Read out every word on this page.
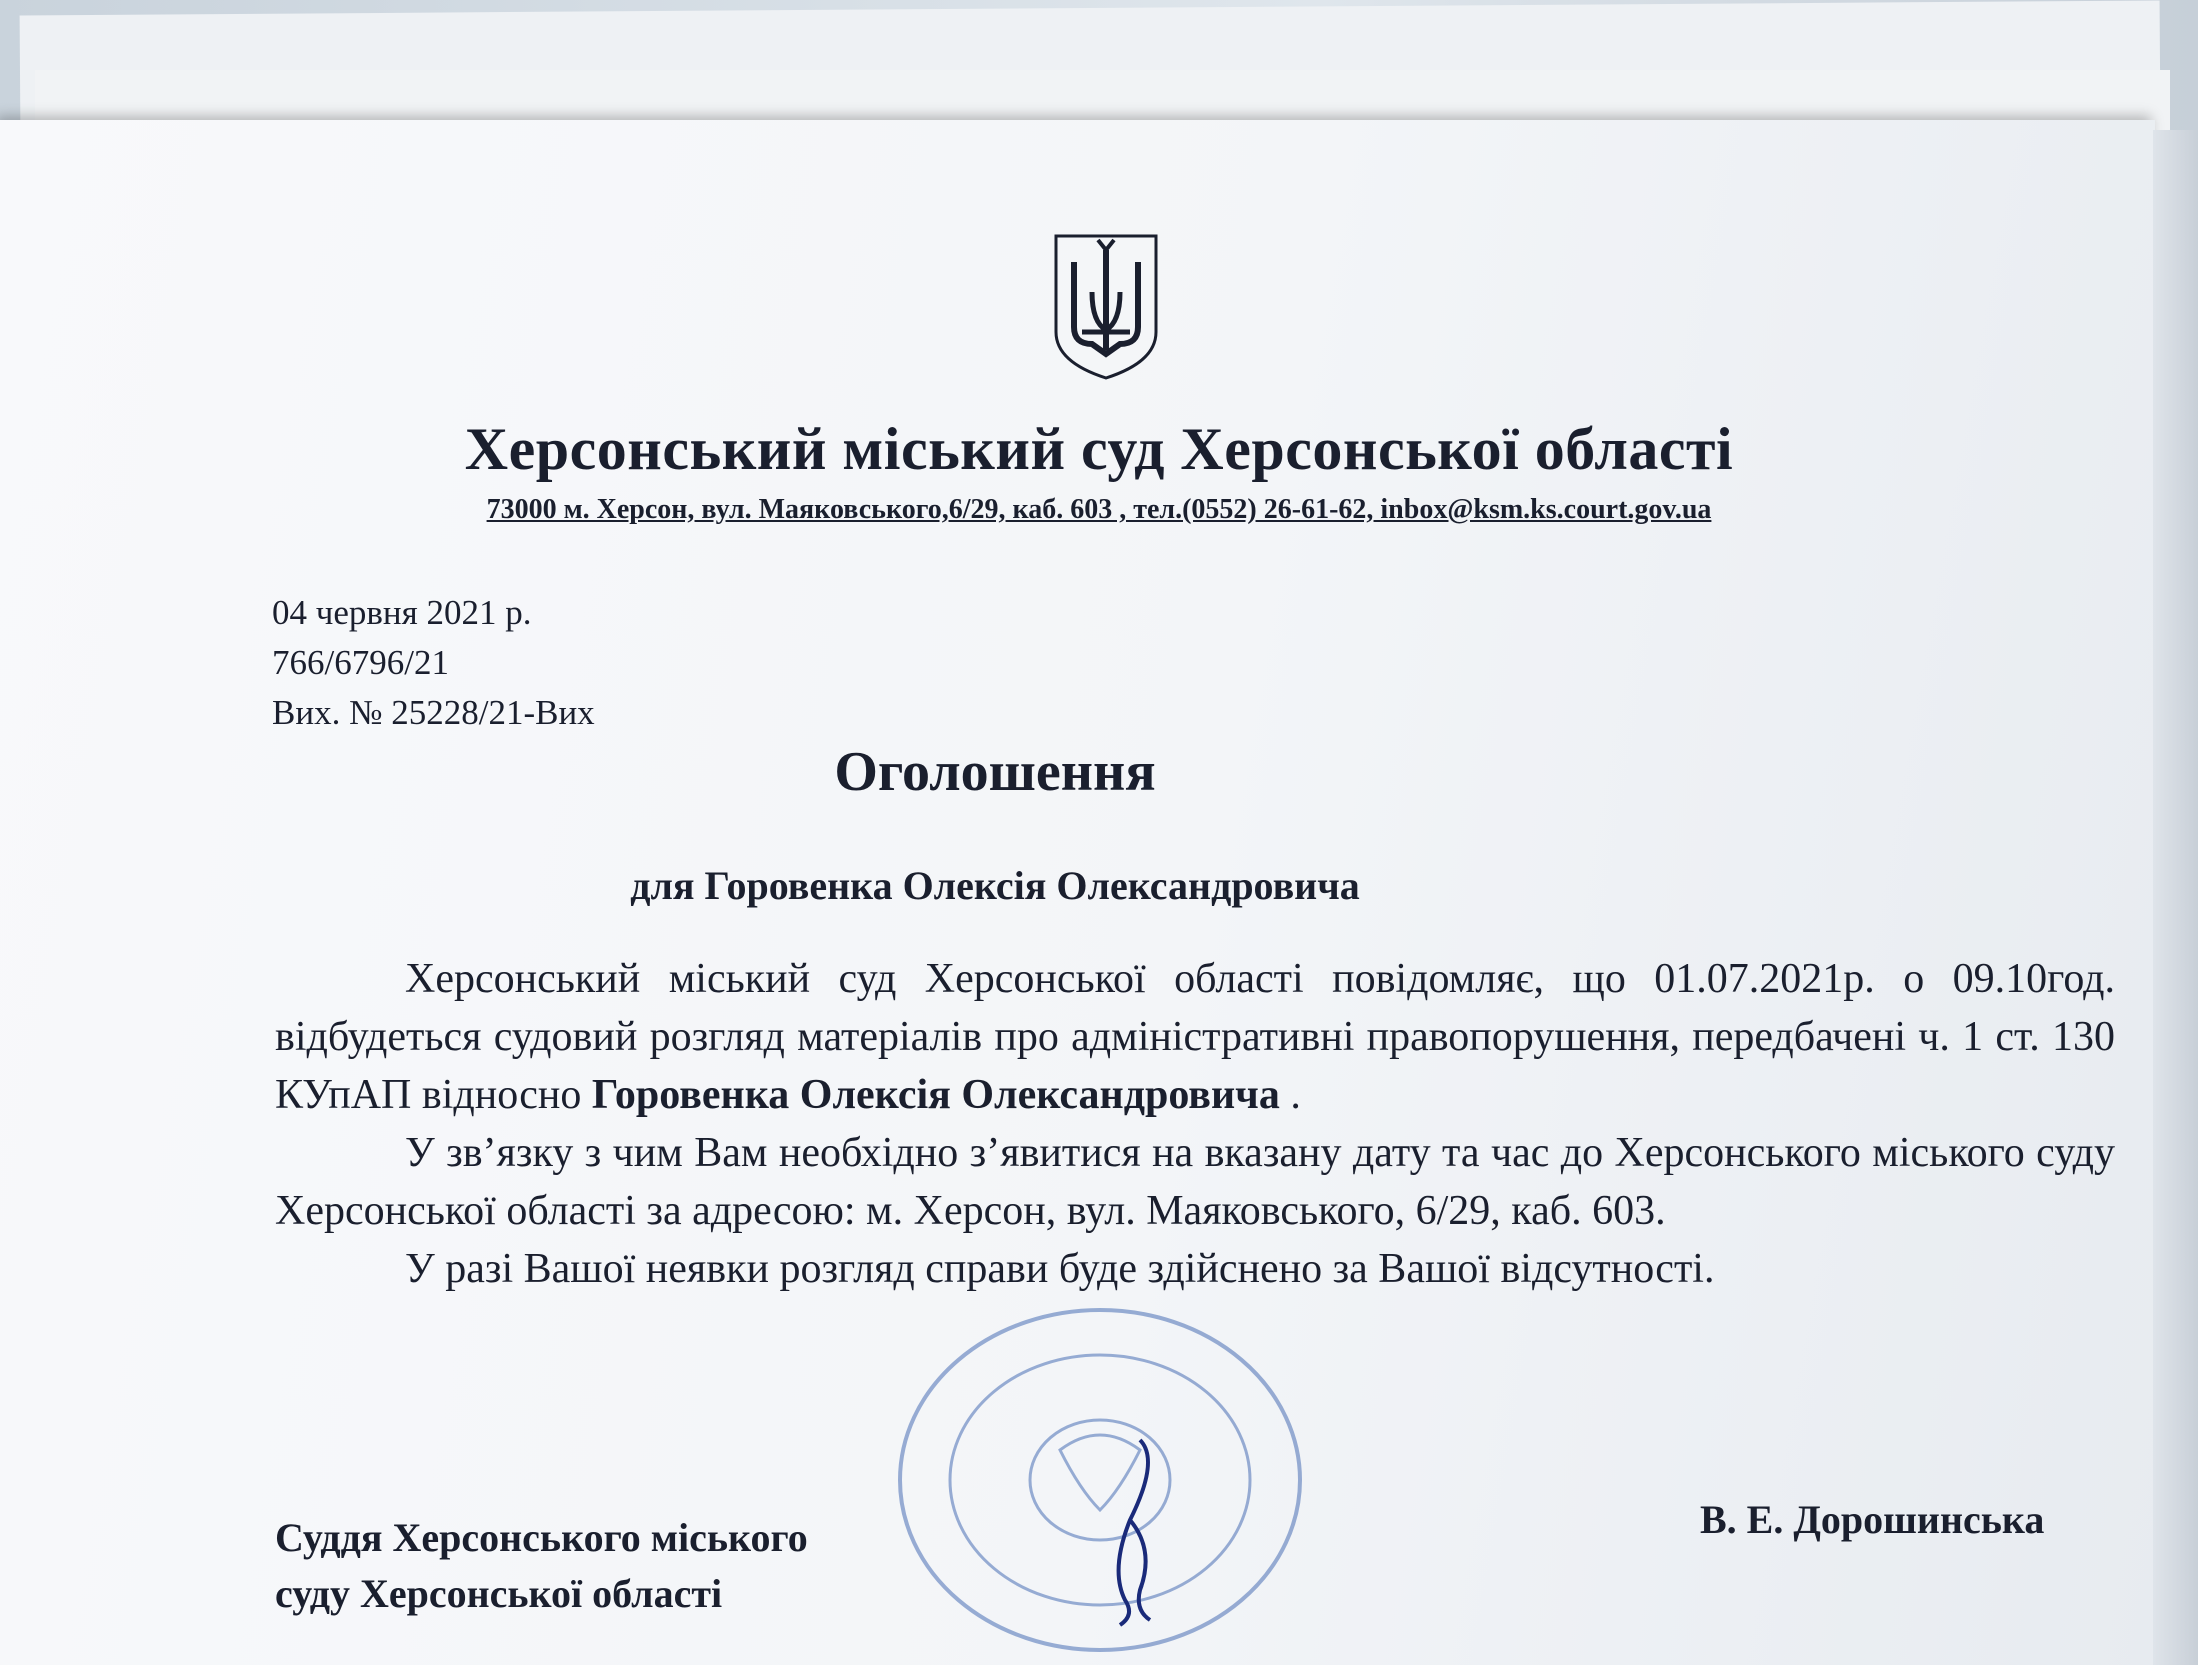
Херсонський міський суд Херсонської області
73000 м. Херсон, вул. Маяковського,6/29, каб. 603 , тел.(0552) 26-61-62, inbox@ksm.ks.court.gov.ua
04 червня 2021 р.
766/6796/21
Вих. № 25228/21-Вих
Оголошення
для Горовенка Олексія Олександровича

Херсонський міський суд Херсонської області повідомляє, що 01.07.2021р. о 09.10год. відбудеться судовий розгляд матеріалів про адміністративні правопорушення, передбачені ч. 1 ст. 130 КУпАП відносно Горовенка Олексія Олександровича .

У зв’язку з чим Вам необхідно з’явитися на вказану дату та час до Херсонського міського суду Херсонської області за адресою: м. Херсон, вул. Маяковського, 6/29, каб. 603.

У разі Вашої неявки розгляд справи буде здійснено за Вашої відсутності.

Суддя Херсонського міського
суду Херсонської області
В. Е. Дорошинська
